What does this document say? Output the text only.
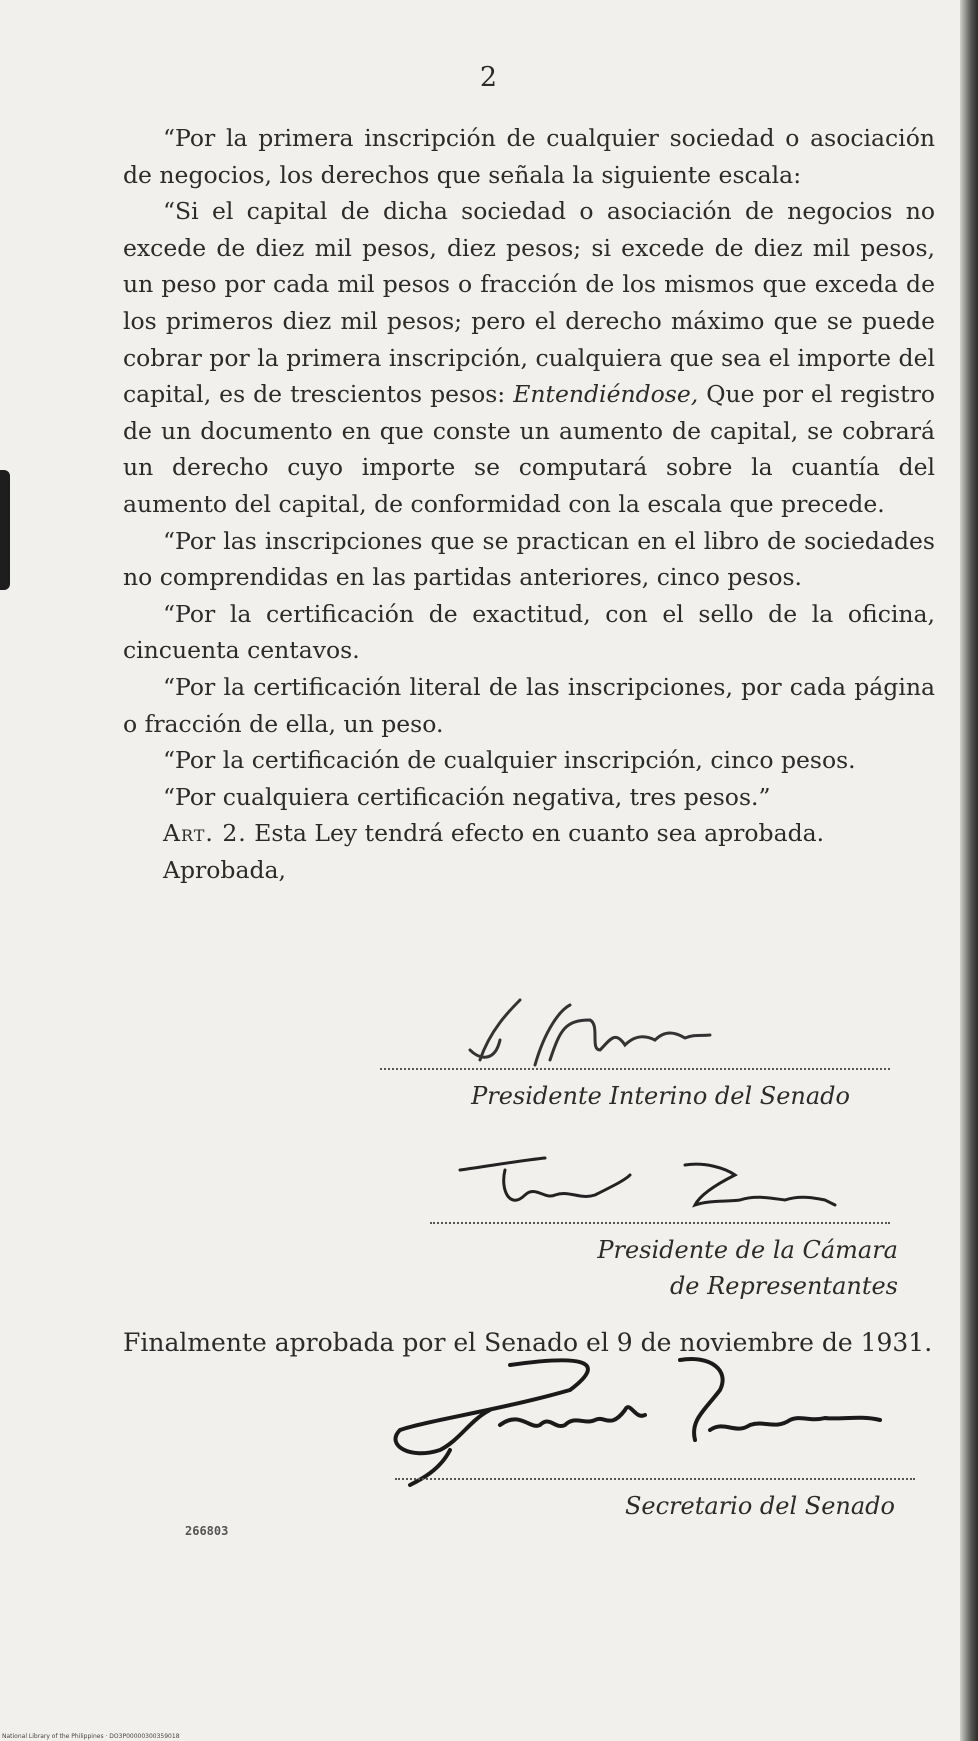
2

“Por la primera inscripción de cualquier sociedad o asociación de negocios, los derechos que señala la siguiente escala:

“Si el capital de dicha sociedad o asociación de negocios no excede de diez mil pesos, diez pesos; si excede de diez mil pesos, un peso por cada mil pesos o fracción de los mismos que exceda de los primeros diez mil pesos; pero el derecho máximo que se puede cobrar por la primera inscripción, cualquiera que sea el importe del capital, es de trescientos pesos: Entendiéndose, Que por el registro de un documento en que conste un aumento de capital, se cobrará un derecho cuyo importe se computará sobre la cuantía del aumento del capital, de conformidad con la escala que precede.

“Por las inscripciones que se practican en el libro de sociedades no comprendidas en las partidas anteriores, cinco pesos.

“Por la certificación de exactitud, con el sello de la oficina, cincuenta centavos.

“Por la certificación literal de las inscripciones, por cada página o fracción de ella, un peso.

“Por la certificación de cualquier inscripción, cinco pesos.

“Por cualquiera certificación negativa, tres pesos.”

Art. 2. Esta Ley tendrá efecto en cuanto sea aprobada.

Aprobada,

Presidente Interino del Senado
Presidente de la Cámara
de Representantes
Finalmente aprobada por el Senado el 9 de noviembre de 1931.
Secretario del Senado
266803
National Library of the Philippines · DO3P00000300359018
